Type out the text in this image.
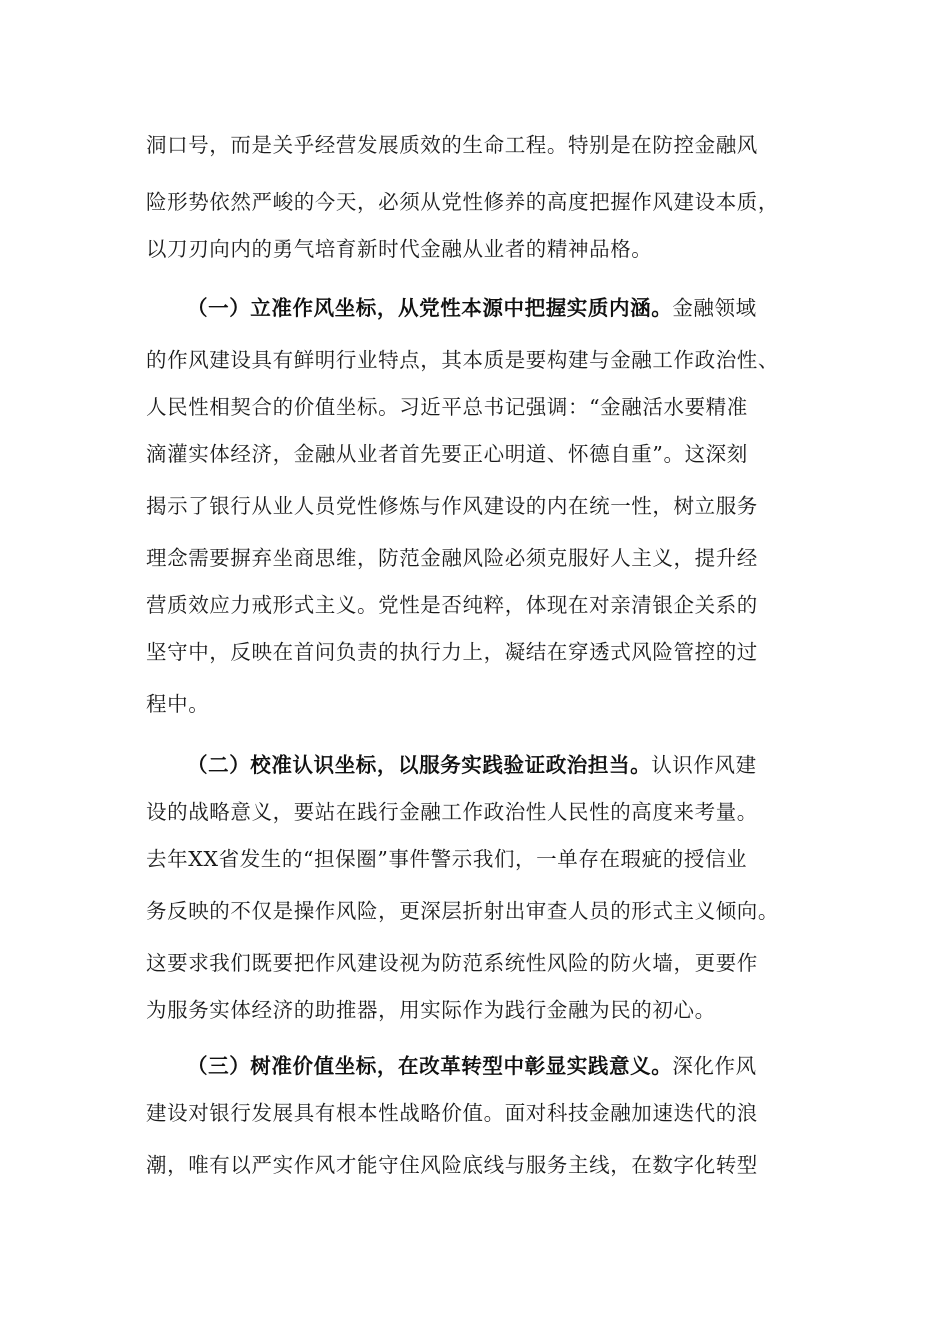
洞口号，而是关乎经营发展质效的生命工程。特别是在防控金融风
险形势依然严峻的今天，必须从党性修养的高度把握作风建设本质，
以刀刃向内的勇气培育新时代金融从业者的精神品格。
（一）立准作风坐标，从党性本源中把握实质内涵。金融领域
的作风建设具有鲜明行业特点，其本质是要构建与金融工作政治性、
人民性相契合的价值坐标。习近平总书记强调：“金融活水要精准
滴灌实体经济，金融从业者首先要正心明道、怀德自重”。这深刻
揭示了银行从业人员党性修炼与作风建设的内在统一性，树立服务
理念需要摒弃坐商思维，防范金融风险必须克服好人主义，提升经
营质效应力戒形式主义。党性是否纯粹，体现在对亲清银企关系的
坚守中，反映在首问负责的执行力上，凝结在穿透式风险管控的过
程中。
（二）校准认识坐标，以服务实践验证政治担当。认识作风建
设的战略意义，要站在践行金融工作政治性人民性的高度来考量。
去年XX省发生的“担保圈”事件警示我们，一单存在瑕疵的授信业
务反映的不仅是操作风险，更深层折射出审查人员的形式主义倾向。
这要求我们既要把作风建设视为防范系统性风险的防火墙，更要作
为服务实体经济的助推器，用实际作为践行金融为民的初心。
（三）树准价值坐标，在改革转型中彰显实践意义。深化作风
建设对银行发展具有根本性战略价值。面对科技金融加速迭代的浪
潮，唯有以严实作风才能守住风险底线与服务主线，在数字化转型
